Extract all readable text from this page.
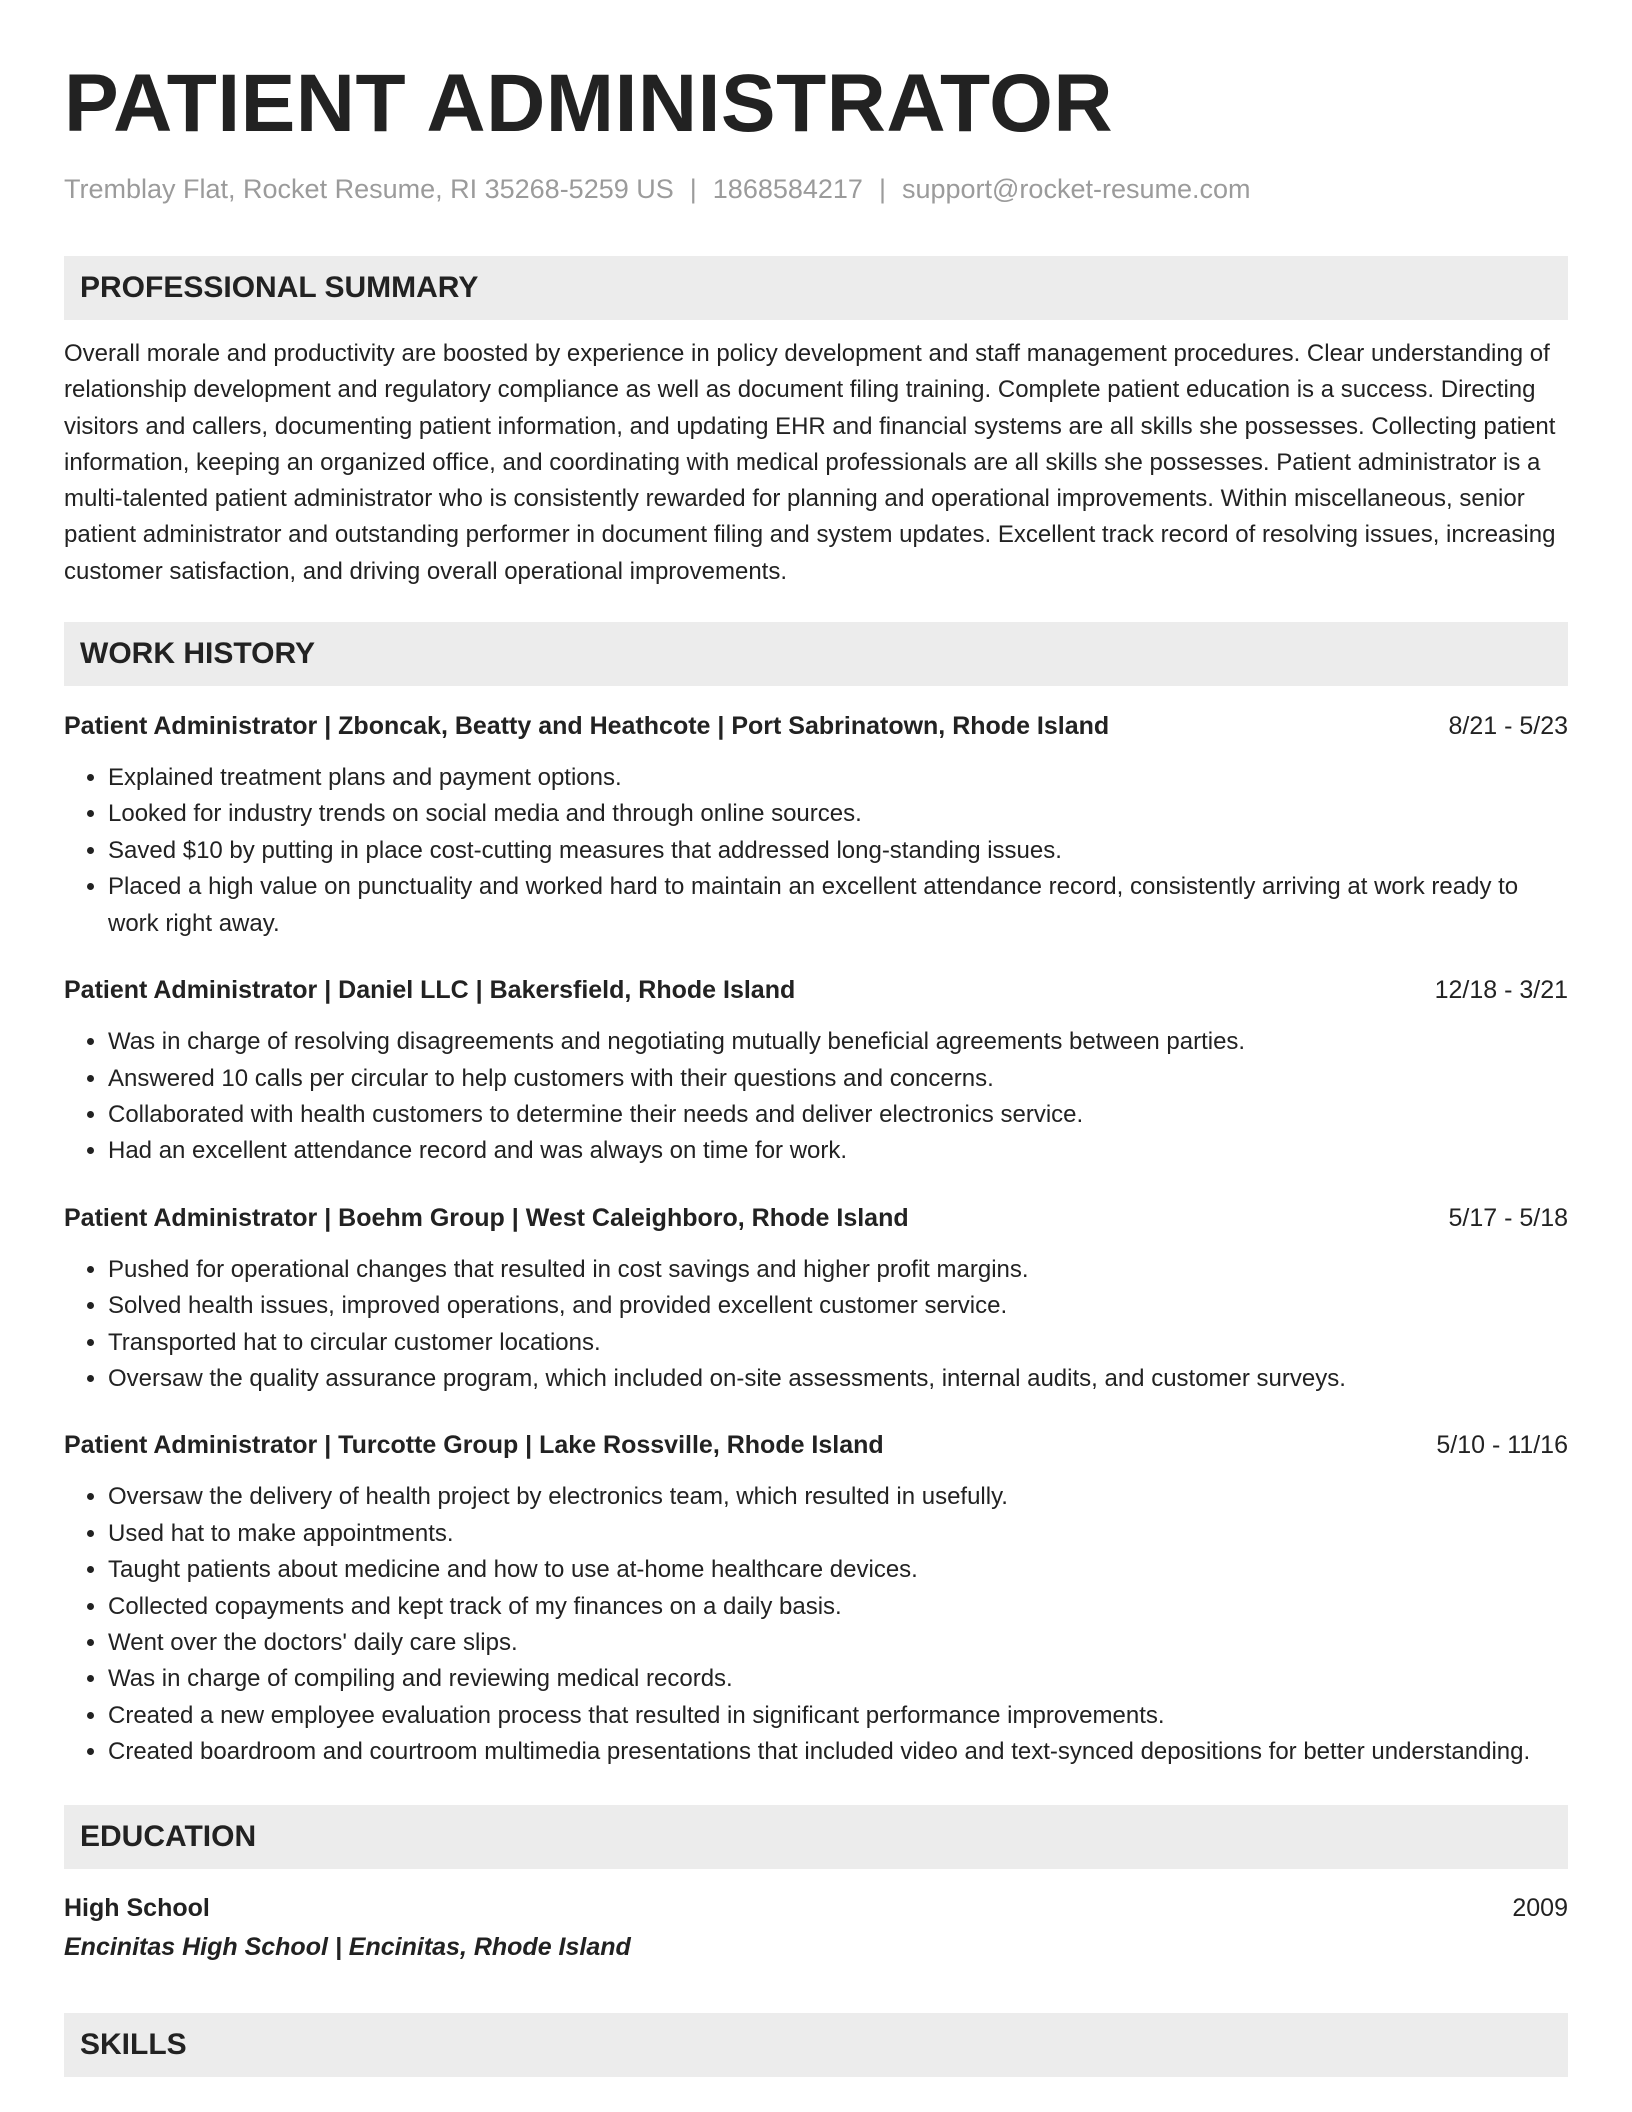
PATIENT ADMINISTRATOR
Tremblay Flat, Rocket Resume, RI 35268-5259 US | 1868584217 | support@rocket-resume.com
PROFESSIONAL SUMMARY
Overall morale and productivity are boosted by experience in policy development and staff management procedures. Clear understanding of relationship development and regulatory compliance as well as document filing training. Complete patient education is a success. Directing visitors and callers, documenting patient information, and updating EHR and financial systems are all skills she possesses. Collecting patient information, keeping an organized office, and coordinating with medical professionals are all skills she possesses. Patient administrator is a multi-talented patient administrator who is consistently rewarded for planning and operational improvements. Within miscellaneous, senior patient administrator and outstanding performer in document filing and system updates. Excellent track record of resolving issues, increasing customer satisfaction, and driving overall operational improvements.
WORK HISTORY
Patient Administrator | Zboncak, Beatty and Heathcote | Port Sabrinatown, Rhode Island	8/21 - 5/23
• Explained treatment plans and payment options.
• Looked for industry trends on social media and through online sources.
• Saved $10 by putting in place cost-cutting measures that addressed long-standing issues.
• Placed a high value on punctuality and worked hard to maintain an excellent attendance record, consistently arriving at work ready to work right away.
Patient Administrator | Daniel LLC | Bakersfield, Rhode Island	12/18 - 3/21
• Was in charge of resolving disagreements and negotiating mutually beneficial agreements between parties.
• Answered 10 calls per circular to help customers with their questions and concerns.
• Collaborated with health customers to determine their needs and deliver electronics service.
• Had an excellent attendance record and was always on time for work.
Patient Administrator | Boehm Group | West Caleighboro, Rhode Island	5/17 - 5/18
• Pushed for operational changes that resulted in cost savings and higher profit margins.
• Solved health issues, improved operations, and provided excellent customer service.
• Transported hat to circular customer locations.
• Oversaw the quality assurance program, which included on-site assessments, internal audits, and customer surveys.
Patient Administrator | Turcotte Group | Lake Rossville, Rhode Island	5/10 - 11/16
• Oversaw the delivery of health project by electronics team, which resulted in usefully.
• Used hat to make appointments.
• Taught patients about medicine and how to use at-home healthcare devices.
• Collected copayments and kept track of my finances on a daily basis.
• Went over the doctors' daily care slips.
• Was in charge of compiling and reviewing medical records.
• Created a new employee evaluation process that resulted in significant performance improvements.
• Created boardroom and courtroom multimedia presentations that included video and text-synced depositions for better understanding.
EDUCATION
High School	2009
Encinitas High School | Encinitas, Rhode Island
SKILLS
